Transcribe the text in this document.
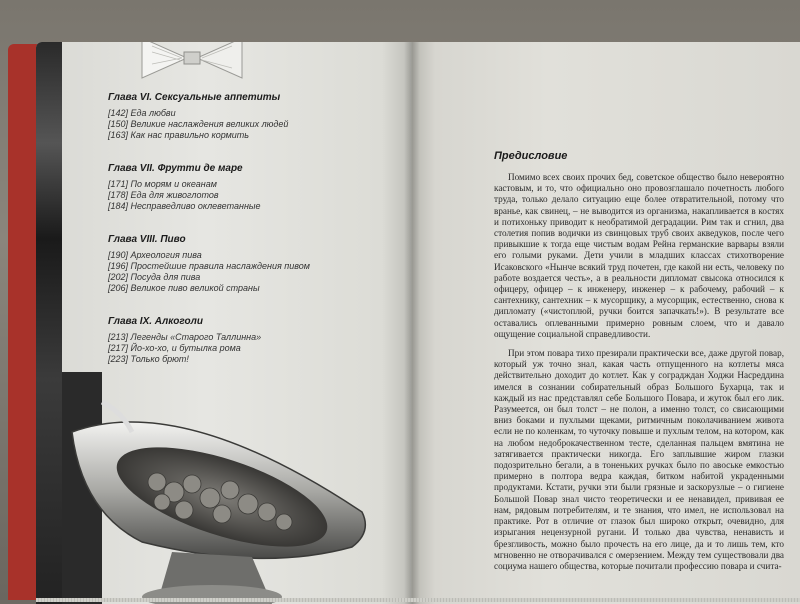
Глава VI. Сексуальные аппетиты
[142] Еда любви
[150] Великие наслаждения великих людей
[163] Как нас правильно кормить
Глава VII. Фрутти де маре
[171] По морям и океанам
[178] Еда для живоглотов
[184] Несправедливо оклеветанные
Глава VIII. Пиво
[190] Археология пива
[196] Простейшие правила наслаждения пивом
[202] Посуда для пива
[206] Великое пиво великой страны
Глава IX. Алкоголи
[213] Легенды «Старого Таллинна»
[217] Йо-хо-хо, и бутылка рома
[223] Только брют!
Предисловие

Помимо всех своих прочих бед, советское общество было невероятно кастовым, и то, что официально оно провозглашало почетность любого труда, только делало ситуацию еще более отвратительной, потому что вранье, как свинец, – не выводится из организма, накапливается в костях и потихоньку приводит к необратимой деградации. Рим так и сгнил, два столетия попив водички из свинцовых труб своих акведуков, после чего привыкшие к тогда еще чистым водам Рейна германские варвары взяли его голыми руками. Дети учили в младших классах стихотворение Исаковского «Нынче всякий труд почетен, где какой ни есть, человеку по работе воздается честь», а в реальности дипломат свысока относился к офицеру, офицер – к инженеру, инженер – к рабочему, рабочий – к сантехнику, сантехник – к мусорщику, а мусорщик, естественно, снова к дипломату («чистоплюй, ручки боится запачкать!»). В результате все оставались оплеванными примерно ровным слоем, что и давало ощущение социальной справедливости.

При этом повара тихо презирали практически все, даже другой повар, который уж точно знал, какая часть отпущенного на котлеты мяса действительно доходит до котлет. Как у соградждан Ходжи Насреддина имелся в сознании собирательный образ Большого Бухарца, так и каждый из нас представлял себе Большого Повара, и жуток был его лик. Разумеется, он был толст – не полон, а именно толст, со свисающими вниз боками и пухлыми щеками, ритмичным поколачиванием живота если не по коленкам, то чуточку повыше и пухлым телом, на котором, как на любом недоброкачественном тесте, сделанная пальцем вмятина не затягивается практически никогда. Его заплывшие жиром глазки подозрительно бегали, а в тоненьких ручках было по авоське емкостью примерно в полтора ведра каждая, битком набитой украденными продуктами. Кстати, ручки эти были грязные и заскорузлые – о гигиене Большой Повар знал чисто теоретически и ее ненавидел, прививая ее нам, рядовым потребителям, и те знания, что имел, не использовал на практике. Рот в отличие от глазок был широко открыт, очевидно, для изрыгания нецензурной ругани. И только два чувства, ненависть и брезгливость, можно было прочесть на его лице, да и то лишь тем, кто мгновенно не отворачивался с омерзением. Между тем существовали два социума нашего общества, которые почитали профессию повара и счита-
